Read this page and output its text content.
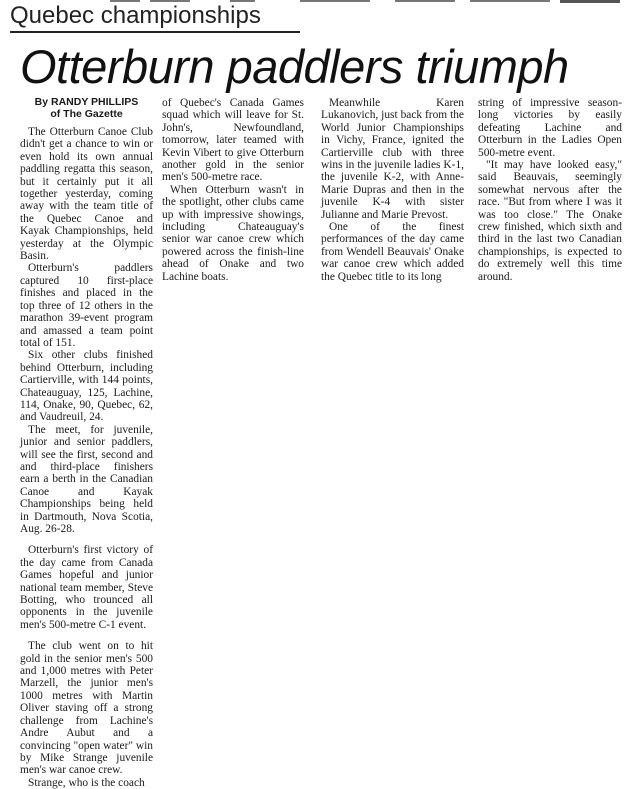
Quebec championships
Otterburn paddlers triumph
By RANDY PHILLIPS
of The Gazette

The Otterburn Canoe Club didn't get a chance to win or even hold its own annual paddling regatta this season, but it certainly put it all together yesterday, coming away with the team title of the Quebec Canoe and Kayak Championships, held yesterday at the Olympic Basin.

Otterburn's paddlers captured 10 first-place finishes and placed in the top three of 12 others in the marathon 39-event program and amassed a team point total of 151.

Six other clubs finished behind Otterburn, including Cartierville, with 144 points, Chateauguay, 125, Lachine, 114, Onake, 90, Quebec, 62, and Vaudreuil, 24.

The meet, for juvenile, junior and senior paddlers, will see the first, second and and third-place finishers earn a berth in the Canadian Canoe and Kayak Championships being held in Dartmouth, Nova Scotia, Aug. 26-28.

Otterburn's first victory of the day came from Canada Games hopeful and junior national team member, Steve Botting, who trounced all opponents in the juvenile men's 500-metre C-1 event.

The club went on to hit gold in the senior men's 500 and 1,000 metres with Peter Marzell, the junior men's 1000 metres with Martin Oliver staving off a strong challenge from Lachine's Andre Aubut and a convincing "open water" win by Mike Strange juvenile men's war canoe crew.

Strange, who is the coach

of Quebec's Canada Games squad which will leave for St. John's, Newfoundland, tomorrow, later teamed with Kevin Vibert to give Otterburn another gold in the senior men's 500-metre race.

When Otterburn wasn't in the spotlight, other clubs came up with impressive showings, including Chateauguay's senior war canoe crew which powered across the finish-line ahead of Onake and two Lachine boats.

Meanwhile Karen Lukanovich, just back from the World Junior Championships in Vichy, France, ignited the Cartierville club with three wins in the juvenile ladies K-1, the juvenile K-2, with Anne-Marie Dupras and then in the juvenile K-4 with sister Julianne and Marie Prevost.

One of the finest performances of the day came from Wendell Beauvais' Onake war canoe crew which added the Quebec title to its long

string of impressive season-long victories by easily defeating Lachine and Otterburn in the Ladies Open 500-metre event.

"It may have looked easy," said Beauvais, seemingly somewhat nervous after the race. "But from where I was it was too close." The Onake crew finished, which sixth and third in the last two Canadian championships, is expected to do extremely well this time around.
